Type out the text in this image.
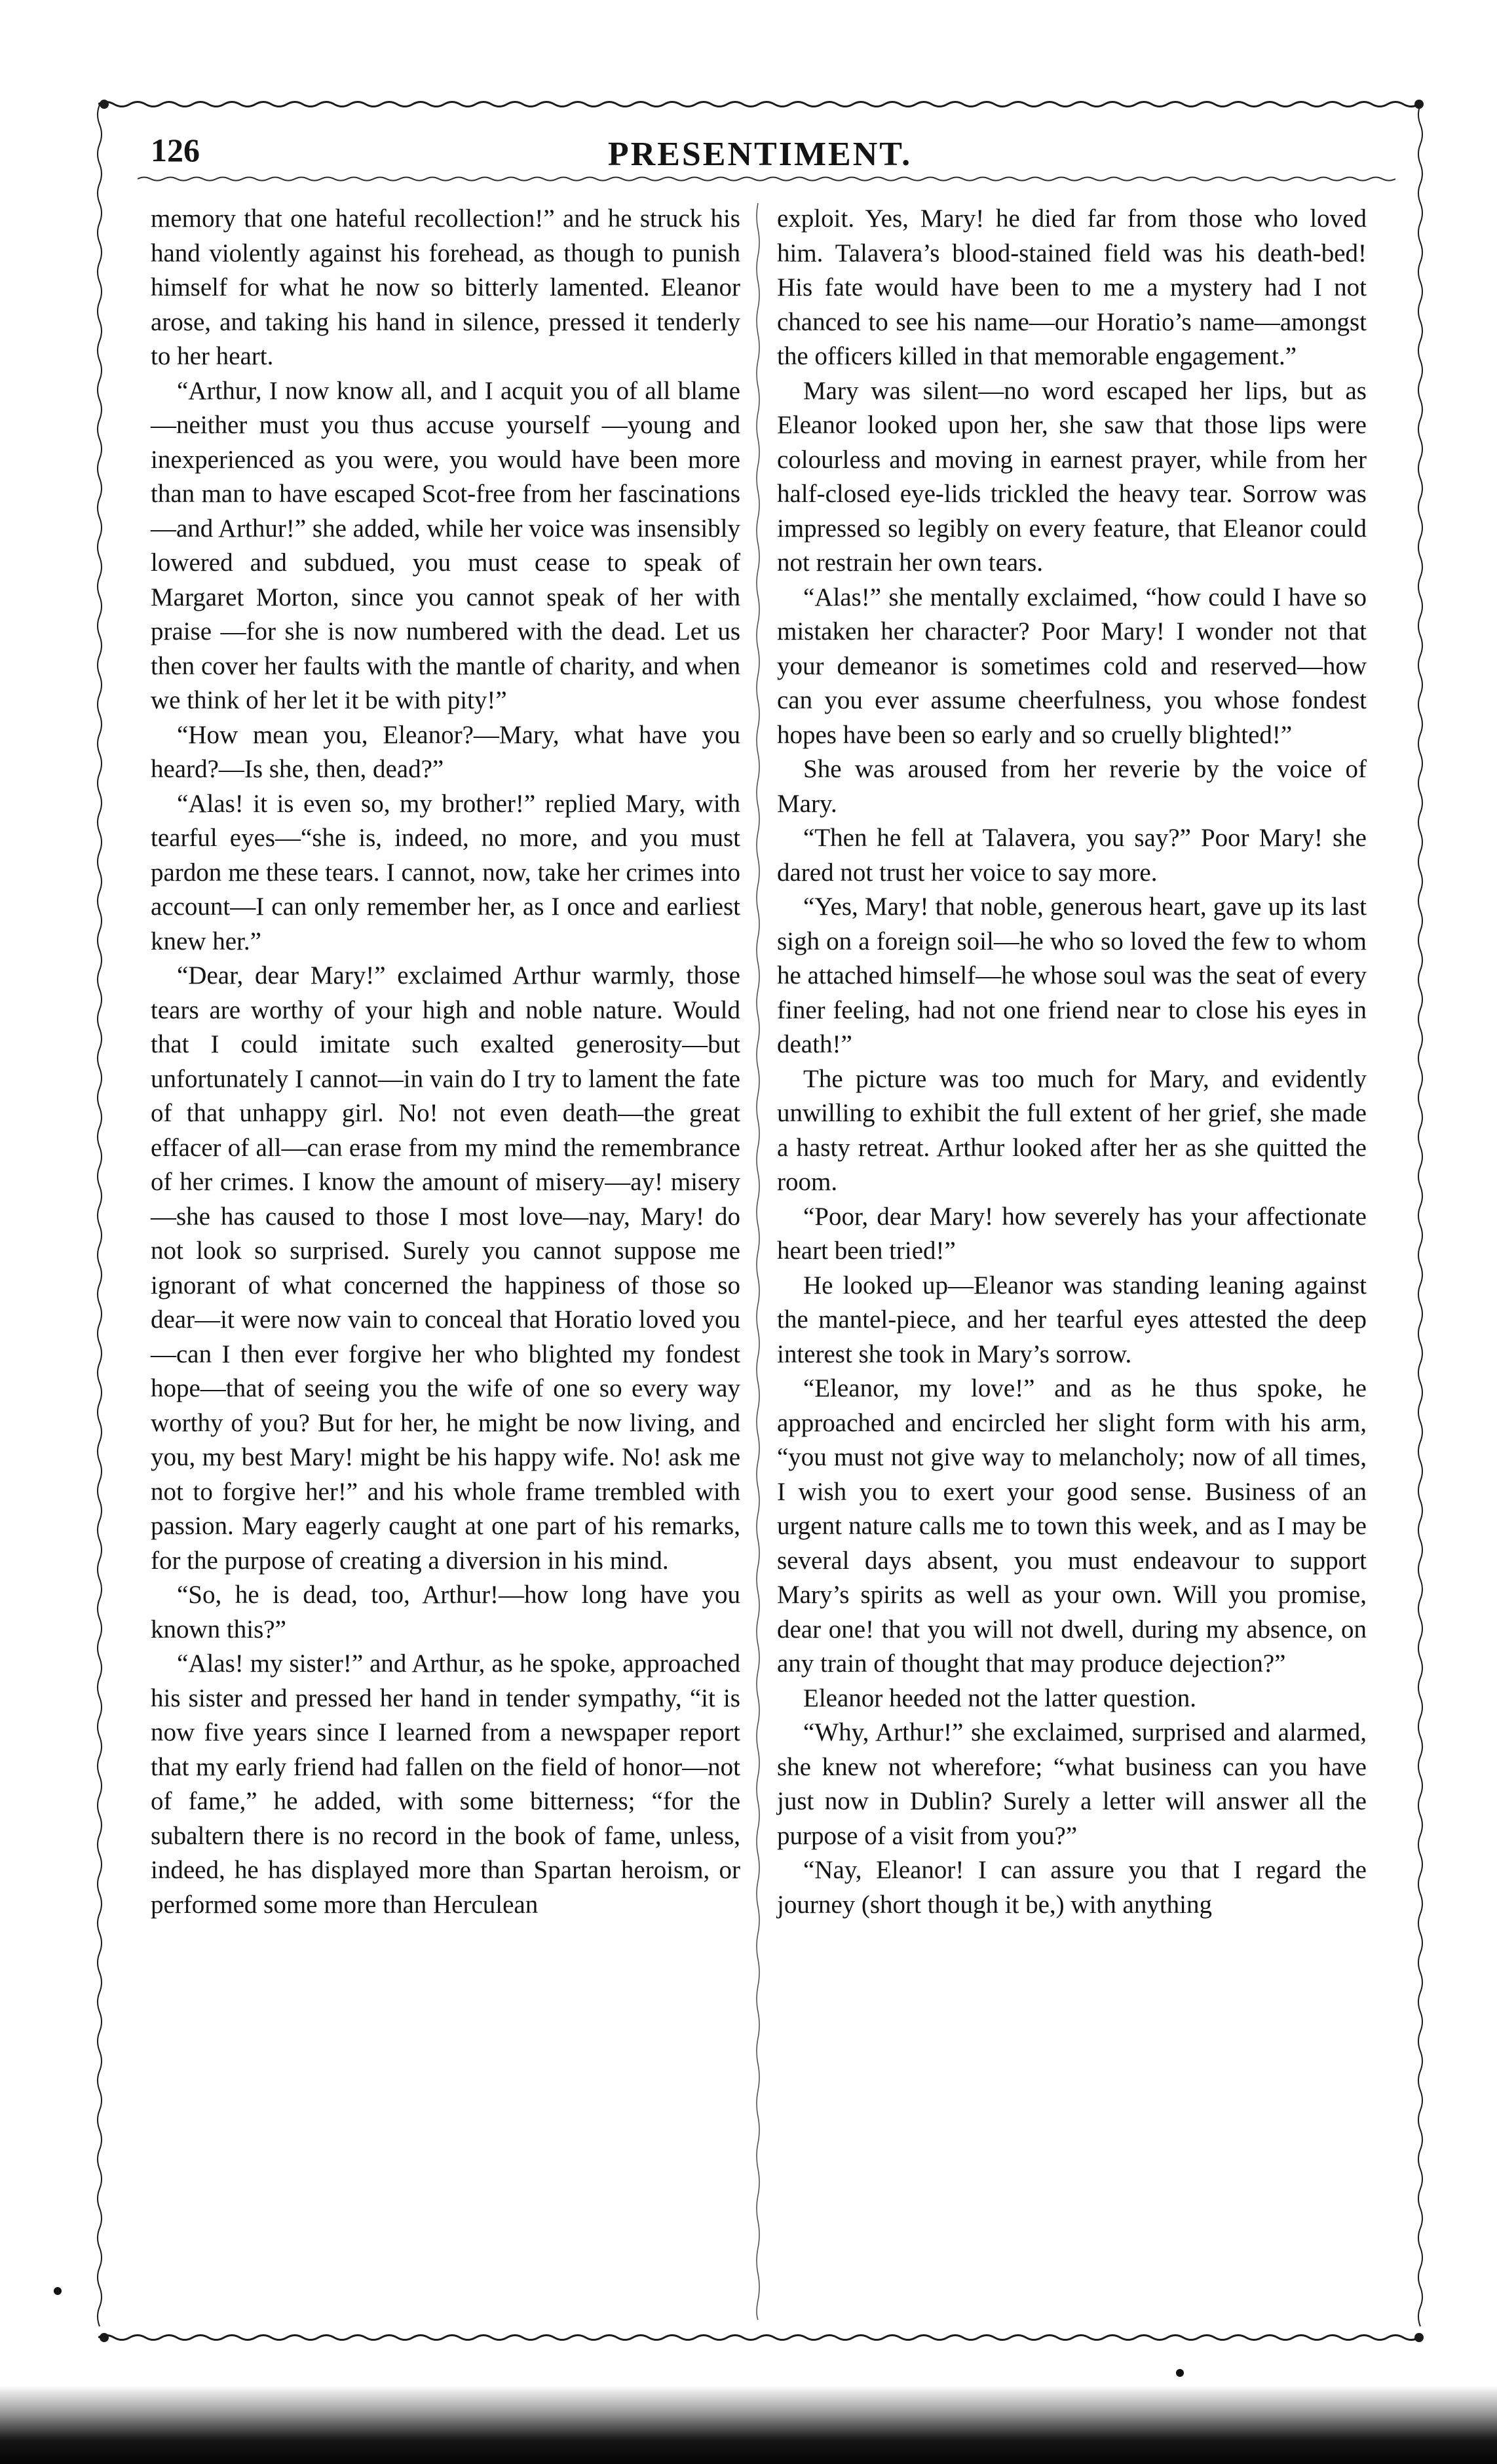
126	PRESENTIMENT.

memory that one hateful recollection!” and he struck his hand violently against his forehead, as though to punish himself for what he now so bitterly lamented. Eleanor arose, and taking his hand in silence, pressed it tenderly to her heart.

“Arthur, I now know all, and I acquit you of all blame—neither must you thus accuse yourself —young and inexperienced as you were, you would have been more than man to have escaped Scot-free from her fascinations—and Arthur!” she added, while her voice was insensibly lowered and subdued, you must cease to speak of Margaret Morton, since you cannot speak of her with praise —for she is now numbered with the dead. Let us then cover her faults with the mantle of charity, and when we think of her let it be with pity!”

“How mean you, Eleanor?—Mary, what have you heard?—Is she, then, dead?”

“Alas! it is even so, my brother!” replied Mary, with tearful eyes—“she is, indeed, no more, and you must pardon me these tears. I cannot, now, take her crimes into account—I can only remember her, as I once and earliest knew her.”

“Dear, dear Mary!” exclaimed Arthur warmly, those tears are worthy of your high and noble nature. Would that I could imitate such exalted generosity—but unfortunately I cannot—in vain do I try to lament the fate of that unhappy girl. No! not even death—the great effacer of all—can erase from my mind the remembrance of her crimes. I know the amount of misery—ay! misery—she has caused to those I most love—nay, Mary! do not look so surprised. Surely you cannot suppose me ignorant of what concerned the happiness of those so dear—it were now vain to conceal that Horatio loved you—can I then ever forgive her who blighted my fondest hope—that of seeing you the wife of one so every way worthy of you? But for her, he might be now living, and you, my best Mary! might be his happy wife. No! ask me not to forgive her!” and his whole frame trembled with passion. Mary eagerly caught at one part of his remarks, for the purpose of creating a diversion in his mind.

“So, he is dead, too, Arthur!—how long have you known this?”

“Alas! my sister!” and Arthur, as he spoke, approached his sister and pressed her hand in tender sympathy, “it is now five years since I learned from a newspaper report that my early friend had fallen on the field of honor—not of fame,” he added, with some bitterness; “for the subaltern there is no record in the book of fame, unless, indeed, he has displayed more than Spartan heroism, or performed some more than Herculean

exploit. Yes, Mary! he died far from those who loved him. Talavera’s blood-stained field was his death-bed! His fate would have been to me a mystery had I not chanced to see his name—our Horatio’s name—amongst the officers killed in that memorable engagement.”

Mary was silent—no word escaped her lips, but as Eleanor looked upon her, she saw that those lips were colourless and moving in earnest prayer, while from her half-closed eye-lids trickled the heavy tear. Sorrow was impressed so legibly on every feature, that Eleanor could not restrain her own tears.

“Alas!” she mentally exclaimed, “how could I have so mistaken her character? Poor Mary! I wonder not that your demeanor is sometimes cold and reserved—how can you ever assume cheerfulness, you whose fondest hopes have been so early and so cruelly blighted!”

She was aroused from her reverie by the voice of Mary.

“Then he fell at Talavera, you say?” Poor Mary! she dared not trust her voice to say more.

“Yes, Mary! that noble, generous heart, gave up its last sigh on a foreign soil—he who so loved the few to whom he attached himself—he whose soul was the seat of every finer feeling, had not one friend near to close his eyes in death!”

The picture was too much for Mary, and evidently unwilling to exhibit the full extent of her grief, she made a hasty retreat. Arthur looked after her as she quitted the room.

“Poor, dear Mary! how severely has your affectionate heart been tried!”

He looked up—Eleanor was standing leaning against the mantel-piece, and her tearful eyes attested the deep interest she took in Mary’s sorrow.

“Eleanor, my love!” and as he thus spoke, he approached and encircled her slight form with his arm, “you must not give way to melancholy; now of all times, I wish you to exert your good sense. Business of an urgent nature calls me to town this week, and as I may be several days absent, you must endeavour to support Mary’s spirits as well as your own. Will you promise, dear one! that you will not dwell, during my absence, on any train of thought that may produce dejection?”

Eleanor heeded not the latter question.

“Why, Arthur!” she exclaimed, surprised and alarmed, she knew not wherefore; “what business can you have just now in Dublin? Surely a letter will answer all the purpose of a visit from you?”

“Nay, Eleanor! I can assure you that I regard the journey (short though it be,) with anything
